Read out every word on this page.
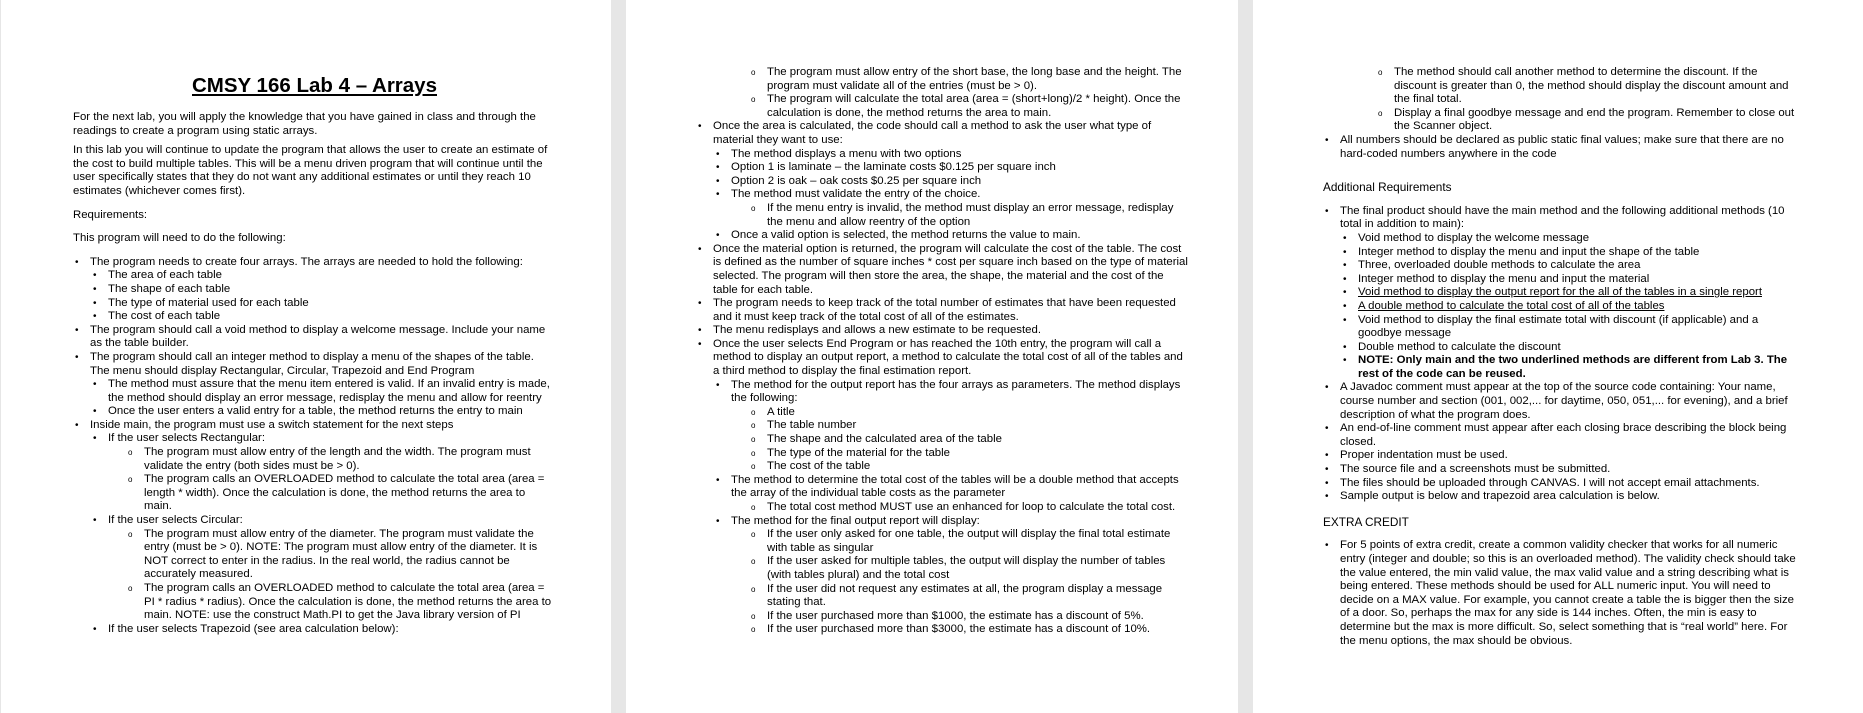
CMSY 166 Lab 4 – Arrays

For the next lab, you will apply the knowledge that you have gained in class and through the readings to create a program using static arrays.

In this lab you will continue to update the program that allows the user to create an estimate of the cost to build multiple tables. This will be a menu driven program that will continue until the user specifically states that they do not want any additional estimates or until they reach 10 estimates (whichever comes first).

Requirements:

This program will need to do the following:

• The program needs to create four arrays. The arrays are needed to hold the following:
• The area of each table
• The shape of each table
• The type of material used for each table
• The cost of each table
• The program should call a void method to display a welcome message. Include your name as the table builder.
• The program should call an integer method to display a menu of the shapes of the table. The menu should display Rectangular, Circular, Trapezoid and End Program
• The method must assure that the menu item entered is valid. If an invalid entry is made, the method should display an error message, redisplay the menu and allow for reentry
• Once the user enters a valid entry for a table, the method returns the entry to main
• Inside main, the program must use a switch statement for the next steps
• If the user selects Rectangular:
o The program must allow entry of the length and the width. The program must validate the entry (both sides must be > 0).
o The program calls an OVERLOADED method to calculate the total area (area = length * width). Once the calculation is done, the method returns the area to main.
• If the user selects Circular:
o The program must allow entry of the diameter. The program must validate the entry (must be > 0). NOTE: The program must allow entry of the diameter. It is NOT correct to enter in the radius. In the real world, the radius cannot be accurately measured.
o The program calls an OVERLOADED method to calculate the total area (area = PI * radius * radius). Once the calculation is done, the method returns the area to main. NOTE: use the construct Math.PI to get the Java library version of PI
• If the user selects Trapezoid (see area calculation below):
o The program must allow entry of the short base, the long base and the height. The program must validate all of the entries (must be > 0).
o The program will calculate the total area (area = (short+long)/2 * height). Once the calculation is done, the method returns the area to main.
• Once the area is calculated, the code should call a method to ask the user what type of material they want to use:
• The method displays a menu with two options
• Option 1 is laminate – the laminate costs $0.125 per square inch
• Option 2 is oak – oak costs $0.25 per square inch
• The method must validate the entry of the choice.
o If the menu entry is invalid, the method must display an error message, redisplay the menu and allow reentry of the option
• Once a valid option is selected, the method returns the value to main.
• Once the material option is returned, the program will calculate the cost of the table. The cost is defined as the number of square inches * cost per square inch based on the type of material selected. The program will then store the area, the shape, the material and the cost of the table for each table.
• The program needs to keep track of the total number of estimates that have been requested and it must keep track of the total cost of all of the estimates.
• The menu redisplays and allows a new estimate to be requested.
• Once the user selects End Program or has reached the 10th entry, the program will call a method to display an output report, a method to calculate the total cost of all of the tables and a third method to display the final estimation report.
• The method for the output report has the four arrays as parameters. The method displays the following:
o A title
o The table number
o The shape and the calculated area of the table
o The type of the material for the table
o The cost of the table
• The method to determine the total cost of the tables will be a double method that accepts the array of the individual table costs as the parameter
o The total cost method MUST use an enhanced for loop to calculate the total cost.
• The method for the final output report will display:
o If the user only asked for one table, the output will display the final total estimate with table as singular
o If the user asked for multiple tables, the output will display the number of tables (with tables plural) and the total cost
o If the user did not request any estimates at all, the program display a message stating that.
o If the user purchased more than $1000, the estimate has a discount of 5%.
o If the user purchased more than $3000, the estimate has a discount of 10%.
o The method should call another method to determine the discount. If the discount is greater than 0, the method should display the discount amount and the final total.
o Display a final goodbye message and end the program. Remember to close out the Scanner object.
• All numbers should be declared as public static final values; make sure that there are no hard-coded numbers anywhere in the code

Additional Requirements

• The final product should have the main method and the following additional methods (10 total in addition to main):
• Void method to display the welcome message
• Integer method to display the menu and input the shape of the table
• Three, overloaded double methods to calculate the area
• Integer method to display the menu and input the material
• Void method to display the output report for the all of the tables in a single report
• A double method to calculate the total cost of all of the tables
• Void method to display the final estimate total with discount (if applicable) and a goodbye message
• Double method to calculate the discount
• NOTE: Only main and the two underlined methods are different from Lab 3. The rest of the code can be reused.
• A Javadoc comment must appear at the top of the source code containing: Your name, course number and section (001, 002,... for daytime, 050, 051,... for evening), and a brief description of what the program does.
• An end-of-line comment must appear after each closing brace describing the block being closed.
• Proper indentation must be used.
• The source file and a screenshots must be submitted.
• The files should be uploaded through CANVAS. I will not accept email attachments.
• Sample output is below and trapezoid area calculation is below.

EXTRA CREDIT

• For 5 points of extra credit, create a common validity checker that works for all numeric entry (integer and double; so this is an overloaded method). The validity check should take the value entered, the min valid value, the max valid value and a string describing what is being entered. These methods should be used for ALL numeric input. You will need to decide on a MAX value. For example, you cannot create a table the is bigger then the size of a door. So, perhaps the max for any side is 144 inches. Often, the min is easy to determine but the max is more difficult. So, select something that is “real world” here. For the menu options, the max should be obvious.
